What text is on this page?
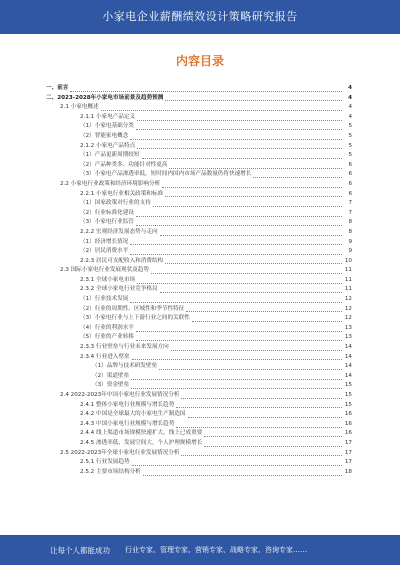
小家电企业薪酬绩效设计策略研究报告
内容目录
一、前言	4
二、2023-2028年小家电市场前景及趋势预测	4
2.1 小家电概述	4
2.1.1 小家电产品定义	4
（1）小家电基础分类	5
（2）智能家电概念	5
2.1.2 小家电产品特点	5
（1）产品更新周期较短	5
（2）产品种类多、功能针对性更高	6
（3）小家电产品渗透率低，短时间内国内市场产品数量仍将快速增长	6
2.2 小家电行业政策和经济环境影响分析	6
2.2.1 小家电行业相关政策和标准	6
（1）国家政策对行业的支持	7
（2）行业标准化建设	7
（3）小家电行业监管	8
2.2.2 宏观经济发展态势与走向	8
（1）经济增长情况	9
（2）居民消费水平	9
2.2.3 居民可支配收入和消费结构	10
2.3 国际小家电行业发展现状及趋势	11
2.3.1 全球小家电市场	11
2.3.2 全球小家电行业竞争格局	11
（1）行业技术发展	12
（2）行业的周期性、区域性和季节性特征	12
（3）小家电行业与上下游行业之间的关联性	12
（4）行业的利润水平	13
（5）行业的产业转移	13
2.3.3 行业壁垒与行业未来发展方向	14
2.3.4 行业进入壁垒	14
（1）品牌与技术研发壁垒	14
（2）渠道壁垒	14
（3）资金壁垒	15
2.4 2022-2023年中国小家电行业发展情况分析	15
2.4.1 整体小家电行业规模与增长趋势	15
2.4.2 中国是全球最大的小家电生产制造国	16
2.4.3 中国小家电行业规模与增长趋势	16
2.4.4 线上渠道市场规模快速扩大，线上已成重要	16
2.4.5 渗透率低，发展空间大，个人护理规模增长	17
2.5 2022-2023年全球小家电行业发展情况分析	17
2.5.1 行业发展趋势	17
2.5.2 主要市场结构分析	18
让每个人都能成功 行业专家、管理专家、营销专家、战略专家、咨询专家……
